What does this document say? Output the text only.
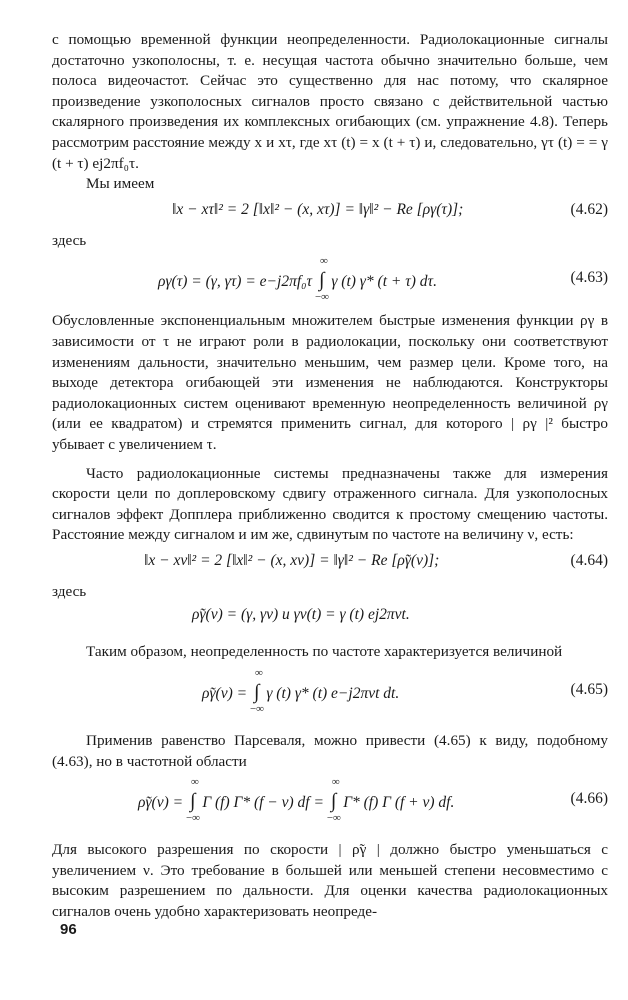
с помощью временной функции неопределенности. Радиолокационные сигналы достаточно узкополосны, т. е. несущая частота обычно значительно больше, чем полоса видеочастот. Сейчас это существенно для нас потому, что скалярное произведение узкополосных сигналов просто связано с действительной частью скалярного произведения их комплексных огибающих (см. упражнение 4.8). Теперь рассмотрим расстояние между x и xτ, где xτ (t) = x (t + τ) и, следовательно, γτ (t) = = γ (t + τ) ej2πf₀τ.

Мы имеем

‖x − xτ‖² = 2 [‖x‖² − (x, xτ)] = ‖γ‖² − Re [ργ(τ)];	(4.62)

здесь

ργ(τ) = (γ, γτ) = e−j2πf₀τ ∫
∞
−∞
γ (t) γ* (t + τ) dτ.	(4.63)

Обусловленные экспоненциальным множителем быстрые изменения функции ργ в зависимости от τ не играют роли в радиолокации, поскольку они соответствуют изменениям дальности, значительно меньшим, чем размер цели. Кроме того, на выходе детектора огибающей эти изменения не наблюдаются. Конструкторы радиолокационных систем оценивают временную неопределенность величиной ργ (или ее квадратом) и стремятся применить сигнал, для которого | ργ |² быстро убывает с увеличением τ.

Часто радиолокационные системы предназначены также для измерения скорости цели по доплеровскому сдвигу отраженного сигнала. Для узкополосных сигналов эффект Допплера приближенно сводится к простому смещению частоты. Расстояние между сигналом и им же, сдвинутым по частоте на величину ν, есть:

‖x − xν‖² = 2 [‖x‖² − (x, xν)] = ‖γ‖² − Re [ρ̃γ(ν)];	(4.64)

здесь

ρ̃γ(ν) = (γ, γν) и γν(t) = γ (t) ej2πνt.

Таким образом, неопределенность по частоте характеризуется величиной

ρ̃γ(ν) = ∫
∞
−∞
γ (t) γ* (t) e−j2πνt dt.	(4.65)

Применив равенство Парсеваля, можно привести (4.65) к виду, подобному (4.63), но в частотной области

ρ̃γ(ν) = ∫
∞
−∞
Γ (f) Γ* (f − ν) df = ∫
∞
−∞
Γ* (f) Γ (f + ν) df.	(4.66)

Для высокого разрешения по скорости | ρ̃γ | должно быстро уменьшаться с увеличением ν. Это требование в большей или меньшей степени несовместимо с высоким разрешением по дальности. Для оценки качества радиолокационных сигналов очень удобно характеризовать неопреде-

96
